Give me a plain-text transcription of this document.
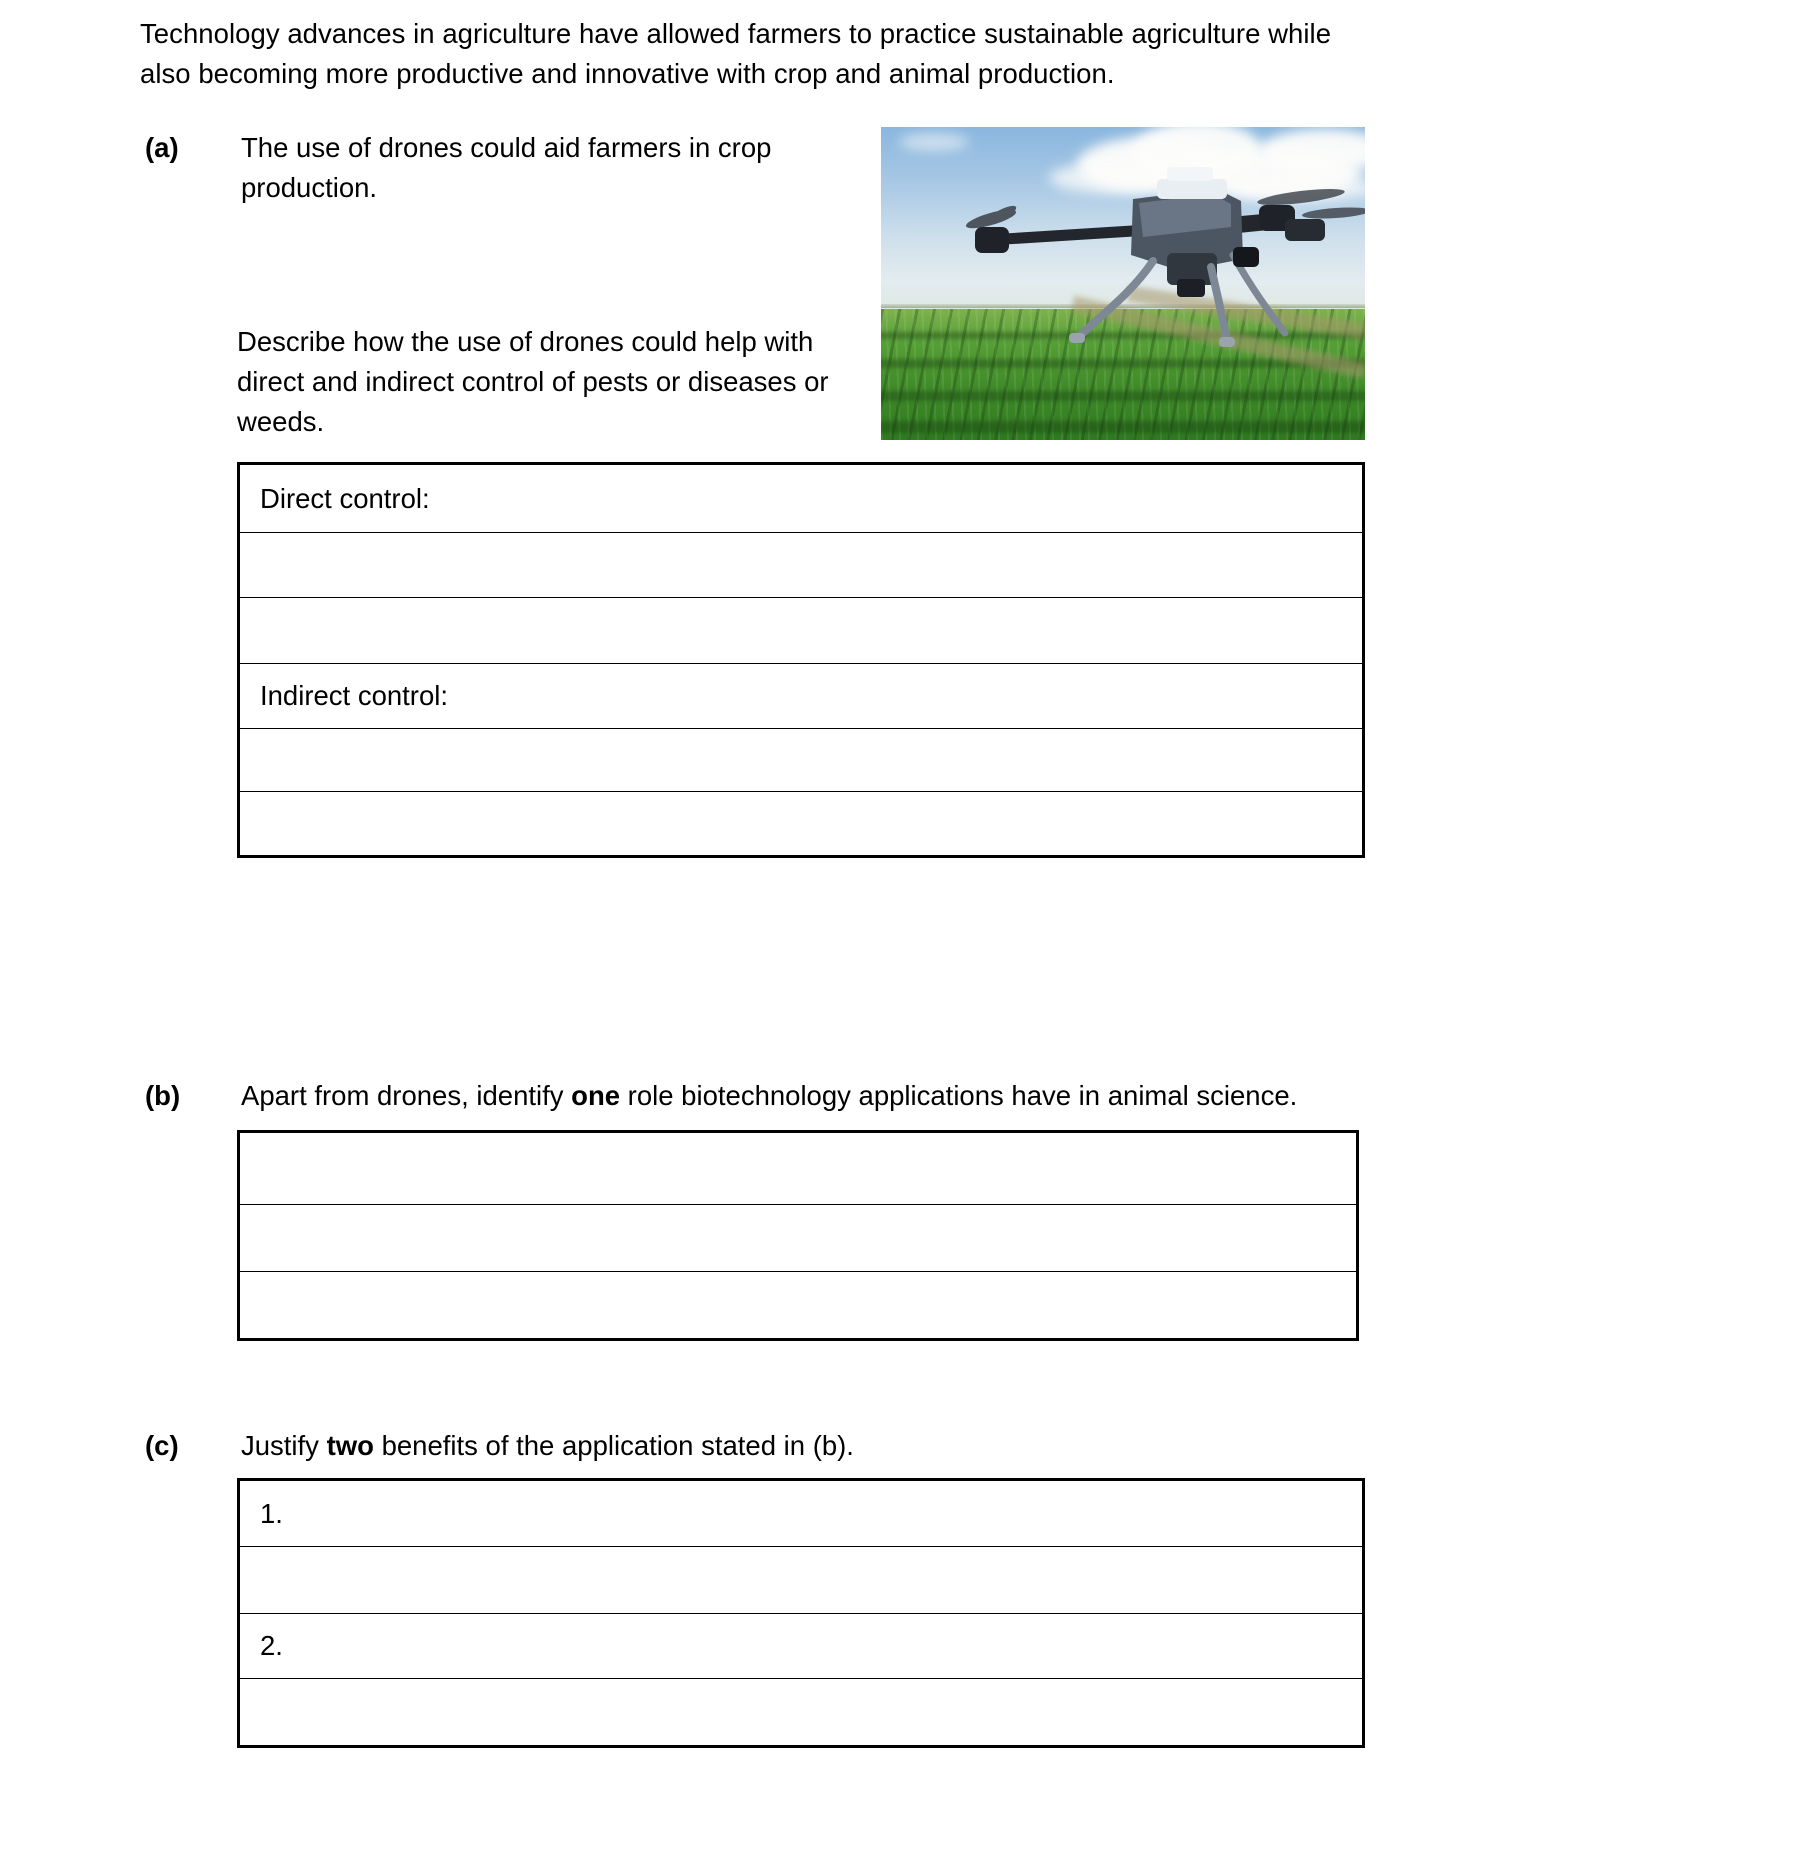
Technology advances in agriculture have allowed farmers to practice sustainable agriculture while also becoming more productive and innovative with crop and animal production.
(a)	The use of drones could aid farmers in crop production.
Describe how the use of drones could help with direct and indirect control of pests or diseases or weeds.
Direct control:
Indirect control:
(b)	Apart from drones, identify one role biotechnology applications have in animal science.
(c)	Justify two benefits of the application stated in (b).
1.
2.
